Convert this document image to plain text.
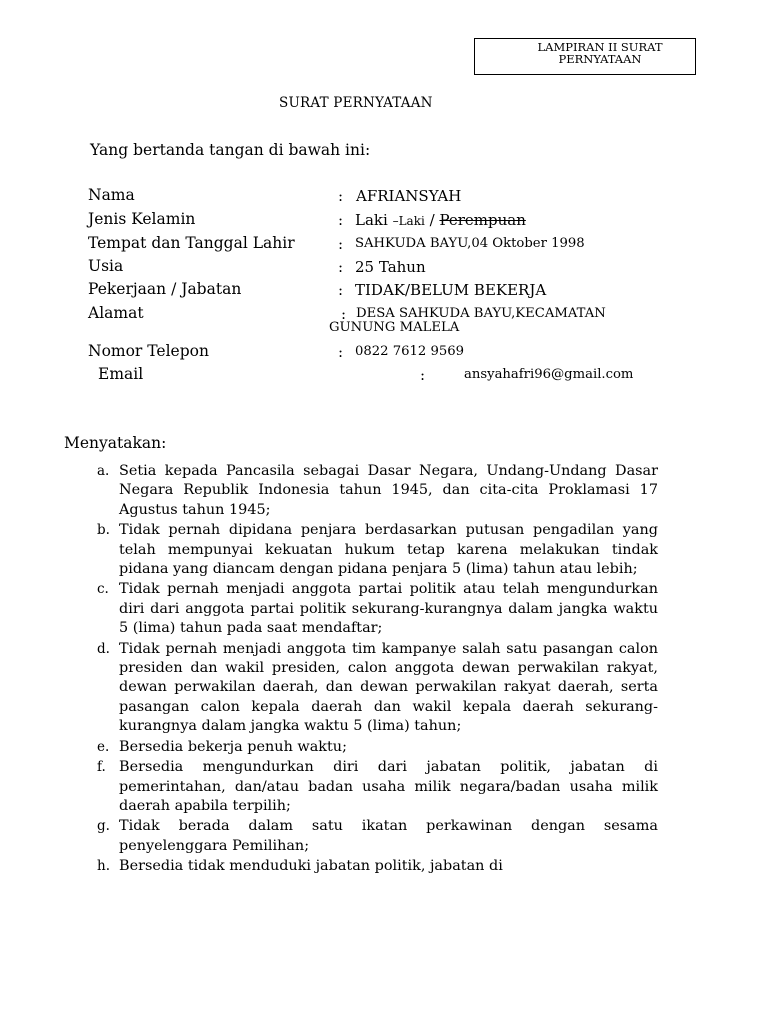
LAMPIRAN II SURAT
PERNYATAAN
SURAT PERNYATAAN
Yang bertanda tangan di bawah ini:
Nama	: AFRIANSYAH
Jenis Kelamin	: Laki –Laki / Perempuan
Tempat dan Tanggal Lahir	: SAHKUDA BAYU,04 Oktober 1998
Usia	: 25 Tahun
Pekerjaan / Jabatan	: TIDAK/BELUM BEKERJA
Alamat	: DESA SAHKUDA BAYU,KECAMATAN
GUNUNG MALELA
Nomor Telepon	: 0822 7612 9569
Email	:	ansyahafri96@gmail.com
Menyatakan:
a. Setia kepada Pancasila sebagai Dasar Negara, Undang-Undang Dasar Negara Republik Indonesia tahun 1945, dan cita-cita Proklamasi 17 Agustus tahun 1945;
b. Tidak pernah dipidana penjara berdasarkan putusan pengadilan yang telah mempunyai kekuatan hukum tetap karena melakukan tindak pidana yang diancam dengan pidana penjara 5 (lima) tahun atau lebih;
c. Tidak pernah menjadi anggota partai politik atau telah mengundurkan diri dari anggota partai politik sekurang-kurangnya dalam jangka waktu 5 (lima) tahun pada saat mendaftar;
d. Tidak pernah menjadi anggota tim kampanye salah satu pasangan calon presiden dan wakil presiden, calon anggota dewan perwakilan rakyat, dewan perwakilan daerah, dan dewan perwakilan rakyat daerah, serta pasangan calon kepala daerah dan wakil kepala daerah sekurang-kurangnya dalam jangka waktu 5 (lima) tahun;
e. Bersedia bekerja penuh waktu;
f. Bersedia mengundurkan diri dari jabatan politik, jabatan di pemerintahan, dan/atau badan usaha milik negara/badan usaha milik daerah apabila terpilih;
g. Tidak berada dalam satu ikatan perkawinan dengan sesama penyelenggara Pemilihan;
h. Bersedia tidak menduduki jabatan politik, jabatan di
